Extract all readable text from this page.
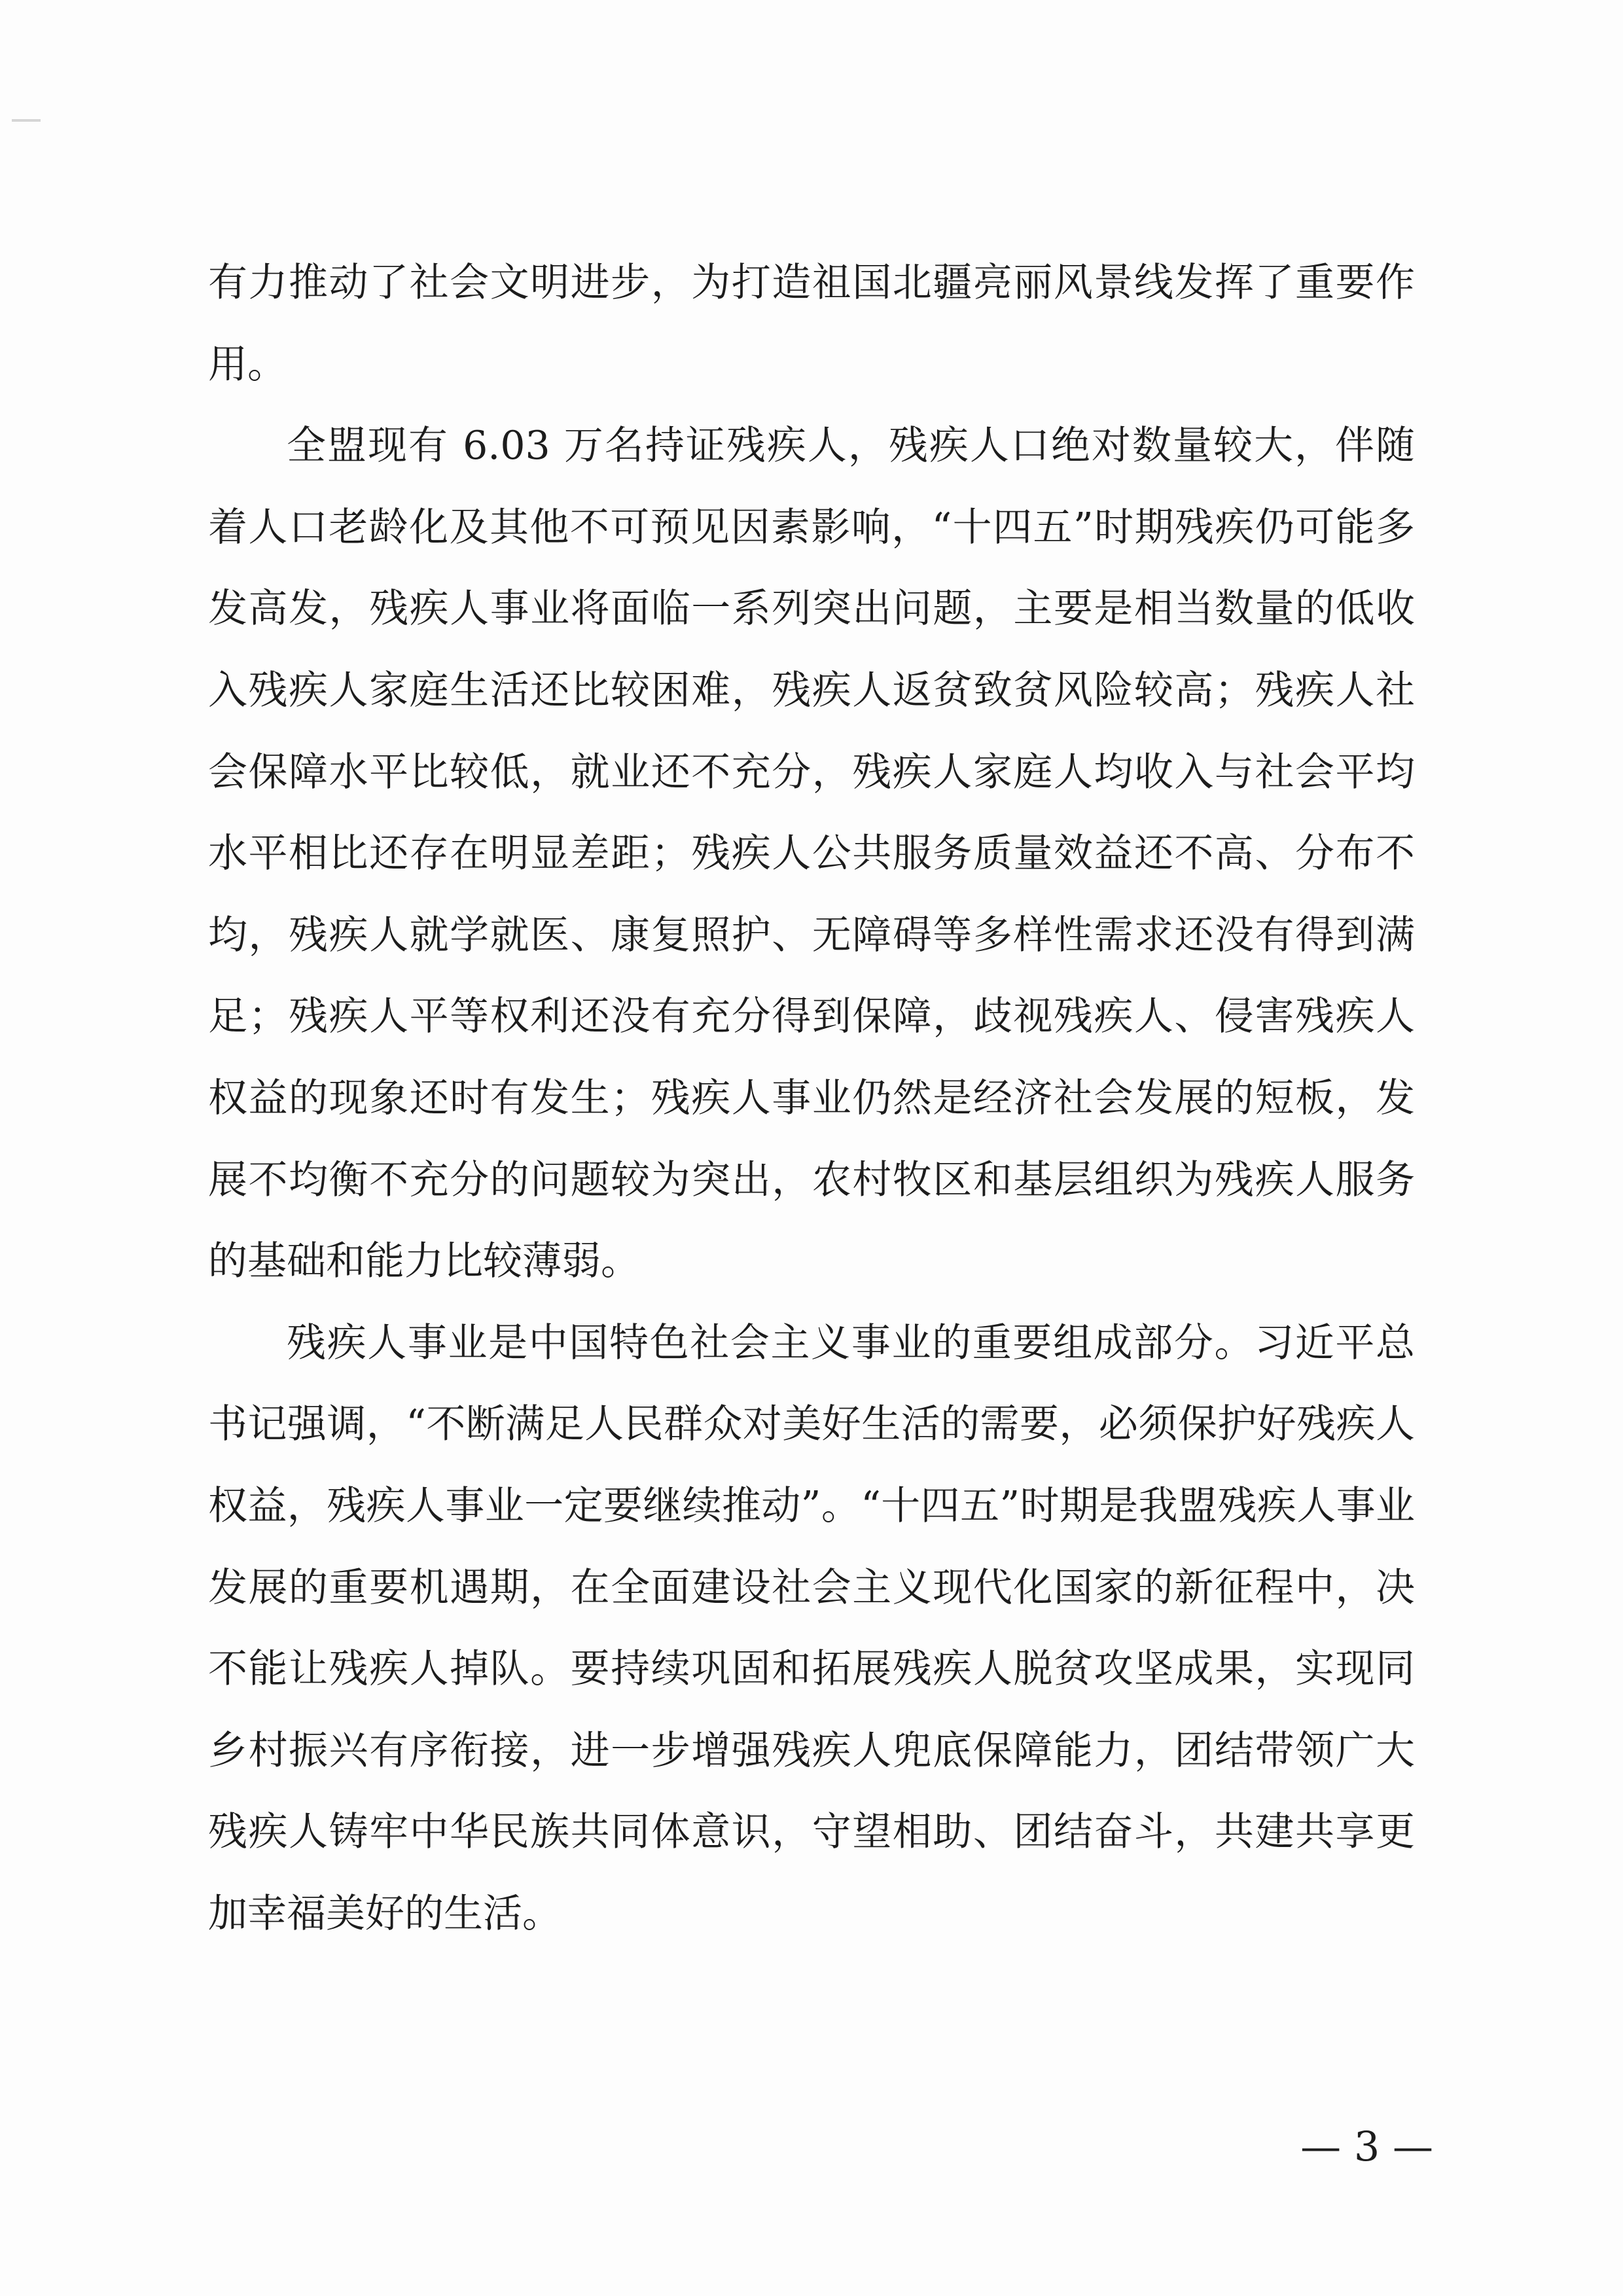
有力推动了社会文明进步，为打造祖国北疆亮丽风景线发挥了重要作用。

全盟现有 6.03 万名持证残疾人，残疾人口绝对数量较大，伴随着人口老龄化及其他不可预见因素影响，“十四五”时期残疾仍可能多发高发，残疾人事业将面临一系列突出问题，主要是相当数量的低收入残疾人家庭生活还比较困难，残疾人返贫致贫风险较高；残疾人社会保障水平比较低，就业还不充分，残疾人家庭人均收入与社会平均水平相比还存在明显差距；残疾人公共服务质量效益还不高、分布不均，残疾人就学就医、康复照护、无障碍等多样性需求还没有得到满足；残疾人平等权利还没有充分得到保障，歧视残疾人、侵害残疾人权益的现象还时有发生；残疾人事业仍然是经济社会发展的短板，发展不均衡不充分的问题较为突出，农村牧区和基层组织为残疾人服务的基础和能力比较薄弱。

残疾人事业是中国特色社会主义事业的重要组成部分。习近平总书记强调，“不断满足人民群众对美好生活的需要，必须保护好残疾人权益，残疾人事业一定要继续推动”。“十四五”时期是我盟残疾人事业发展的重要机遇期，在全面建设社会主义现代化国家的新征程中，决不能让残疾人掉队。要持续巩固和拓展残疾人脱贫攻坚成果，实现同乡村振兴有序衔接，进一步增强残疾人兜底保障能力，团结带领广大残疾人铸牢中华民族共同体意识，守望相助、团结奋斗，共建共享更加幸福美好的生活。

— 3 —
